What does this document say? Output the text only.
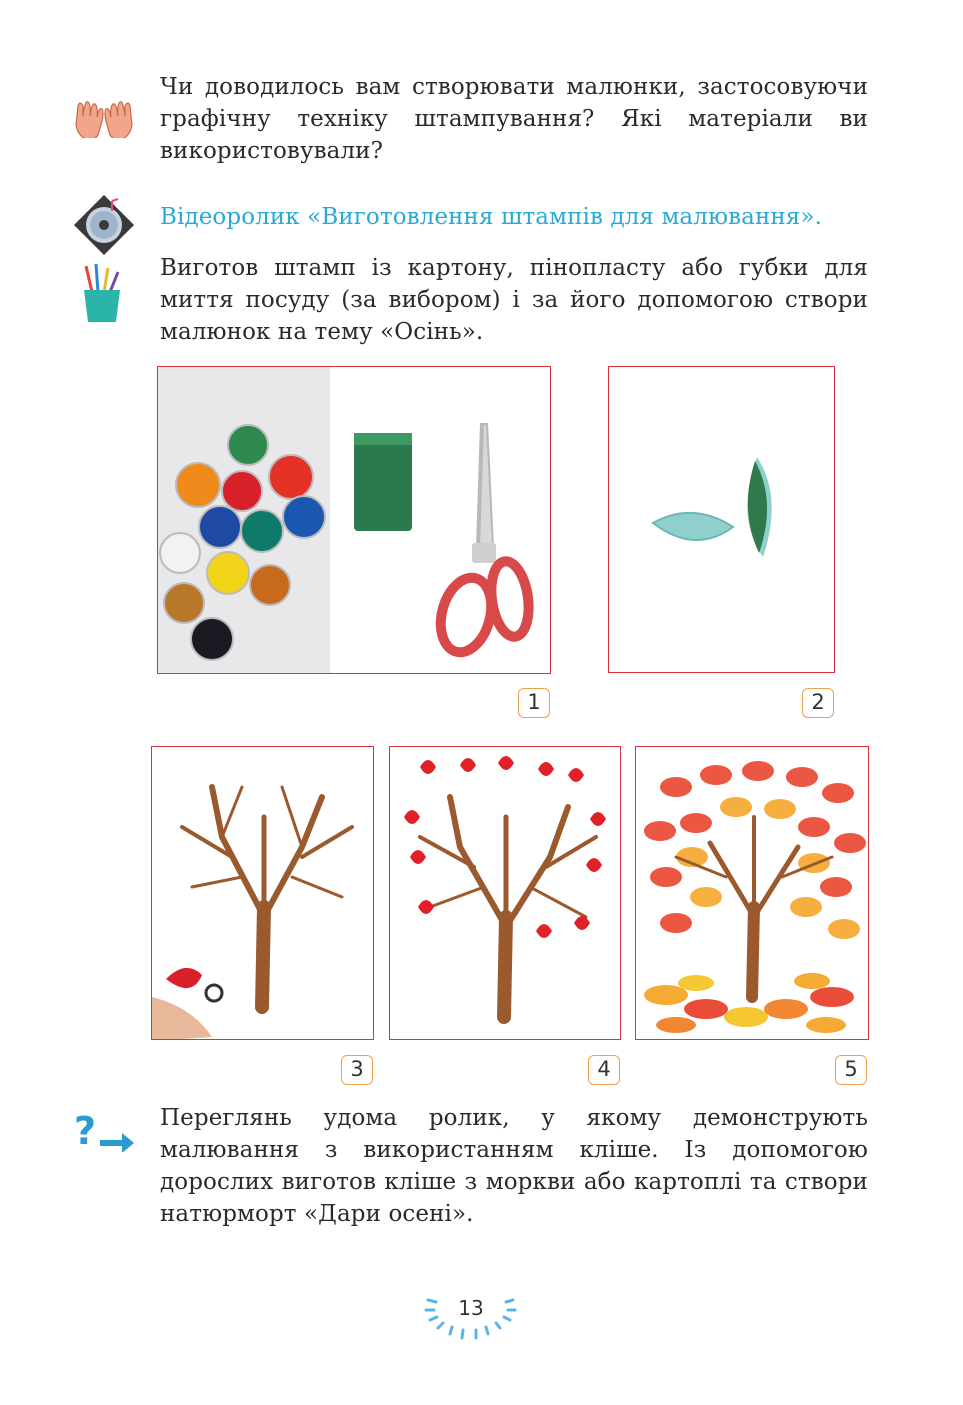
Чи доводилось вам створювати малюнки, застосовуючи графічну техніку штампування? Які матеріали ви використовували?

Відеоролик «Виготовлення штампів для малювання».

Виготов штамп із картону, пінопласту або губки для миття посуду (за вибором) і за його допомогою створи малюнок на тему «Осінь».

1	2
3	4	5
?	Переглянь удома ролик, у якому демонструють малювання з використанням кліше. Із допомогою дорослих виготов кліше з моркви або картоплі та створи натюрморт «Дари осені».

13
